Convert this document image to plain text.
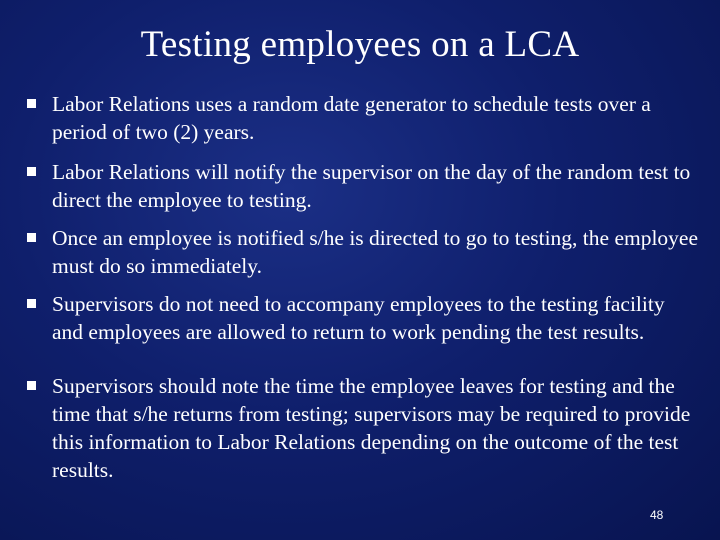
Testing employees on a LCA
Labor Relations uses a random date generator to schedule tests over a period of two (2) years.
Labor Relations will notify the supervisor on the day of the random test to direct the employee to testing.
Once an employee is notified s/he is directed to go to testing, the employee must do so immediately.
Supervisors do not need to accompany employees to the testing facility and employees are allowed to return to work pending the test results.
Supervisors should note the time the employee leaves for testing and the time that s/he returns from testing; supervisors may be required to provide this information to Labor Relations depending on the outcome of the test results.
48
